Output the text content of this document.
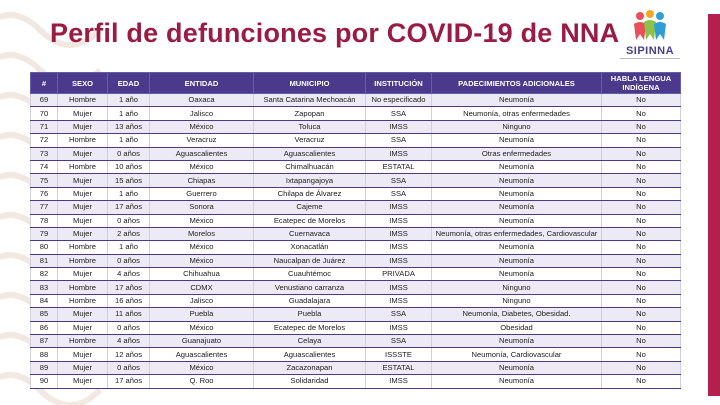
Perfil de defunciones por COVID-19 de NNA
SIPINNA
#	SEXO	EDAD	ENTIDAD	MUNICIPIO	INSTITUCIÓN	PADECIMIENTOS ADICIONALES	HABLA LENGUA INDÍGENA
69	Hombre	1 año	Oaxaca	Santa Catarina Mechoacán	No especificado	Neumonía	No
70	Mujer	1 año	Jalisco	Zapopan	SSA	Neumonía, otras enfermedades	No
71	Mujer	13 años	México	Toluca	IMSS	Ninguno	No
72	Hombre	1 año	Veracruz	Veracruz	SSA	Neumonía	No
73	Mujer	0 años	Aguascalientes	Aguascalientes	IMSS	Otras enfermedades	No
74	Hombre	10 años	México	Chimalhuacán	ESTATAL	Neumonía	No
75	Mujer	15 años	Chiapas	Ixtapangajoya	SSA	Neumonía	No
76	Mujer	1 año	Guerrero	Chilapa de Álvarez	SSA	Neumonía	No
77	Mujer	17 años	Sonora	Cajeme	IMSS	Neumonía	No
78	Mujer	0 años	México	Ecatepec de Morelos	IMSS	Neumonía	No
79	Mujer	2 años	Morelos	Cuernavaca	IMSS	Neumonía, otras enfermedades, Cardiovascular	No
80	Hombre	1 año	México	Xonacatlán	IMSS	Neumonía	No
81	Hombre	0 años	México	Naucalpan de Juárez	IMSS	Neumonía	No
82	Mujer	4 años	Chihuahua	Cuauhtémoc	PRIVADA	Neumonía	No
83	Hombre	17 años	CDMX	Venustiano carranza	IMSS	Ninguno	No
84	Hombre	16 años	Jalisco	Guadalajara	IMSS	Ninguno	No
85	Mujer	11 años	Puebla	Puebla	SSA	Neumonía, Diabetes, Obesidad.	No
86	Mujer	0 años	México	Ecatepec de Morelos	IMSS	Obesidad	No
87	Hombre	4 años	Guanajuato	Celaya	SSA	Neumonía	No
88	Mujer	12 años	Aguascalientes	Aguascalientes	ISSSTE	Neumonía, Cardiovascular	No
89	Mujer	0 años	México	Zacazonapan	ESTATAL	Neumonía	No
90	Mujer	17 años	Q. Roo	Solidaridad	IMSS	Neumonía	No
